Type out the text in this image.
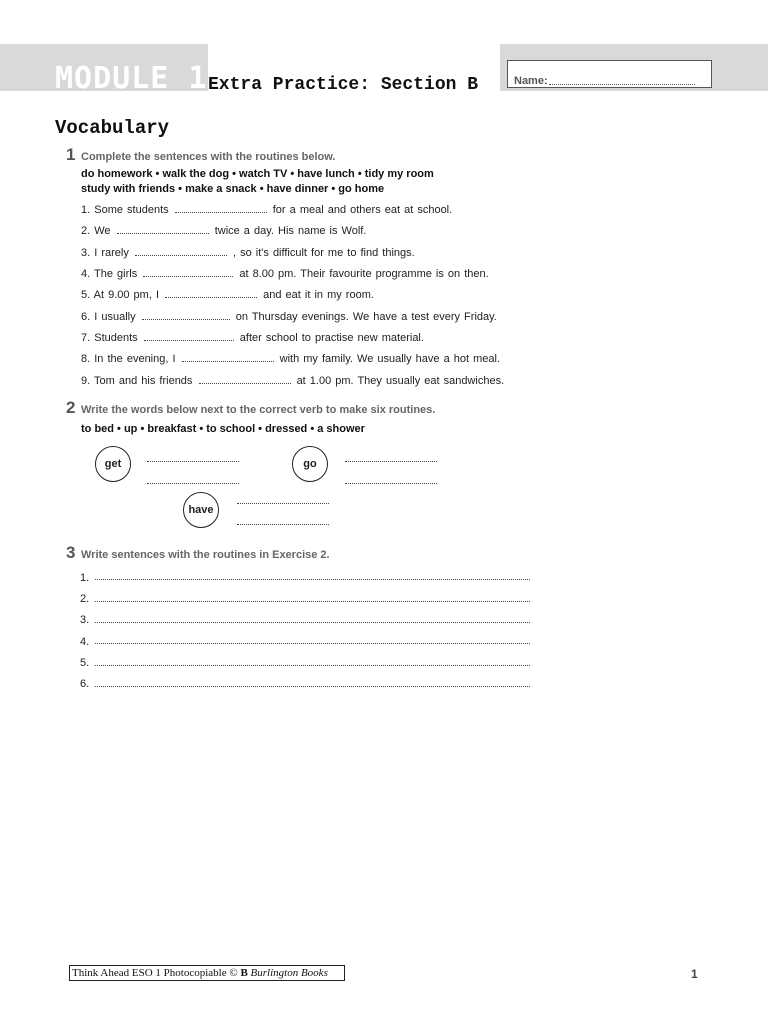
MODULE 1 Extra Practice: Section B	Name:
Vocabulary
1 Complete the sentences with the routines below.
do homework • walk the dog • watch TV • have lunch • tidy my room
study with friends • make a snack • have dinner • go home
1. Some students	for a meal and others eat at school.
2. We	twice a day. His name is Wolf.
3. I rarely	, so it's difficult for me to find things.
4. The girls	at 8.00 pm. Their favourite programme is on then.
5. At 9.00 pm, I	and eat it in my room.
6. I usually	on Thursday evenings. We have a test every Friday.
7. Students	after school to practise new material.
8. In the evening, I	with my family. We usually have a hot meal.
9. Tom and his friends	at 1.00 pm. They usually eat sandwiches.
2 Write the words below next to the correct verb to make six routines.
to bed • up • breakfast • to school • dressed • a shower
get	go
have
3 Write sentences with the routines in Exercise 2.
1.
2.
3.
4.
5.
6.
Think Ahead ESO 1 Photocopiable © B Burlington Books	1
